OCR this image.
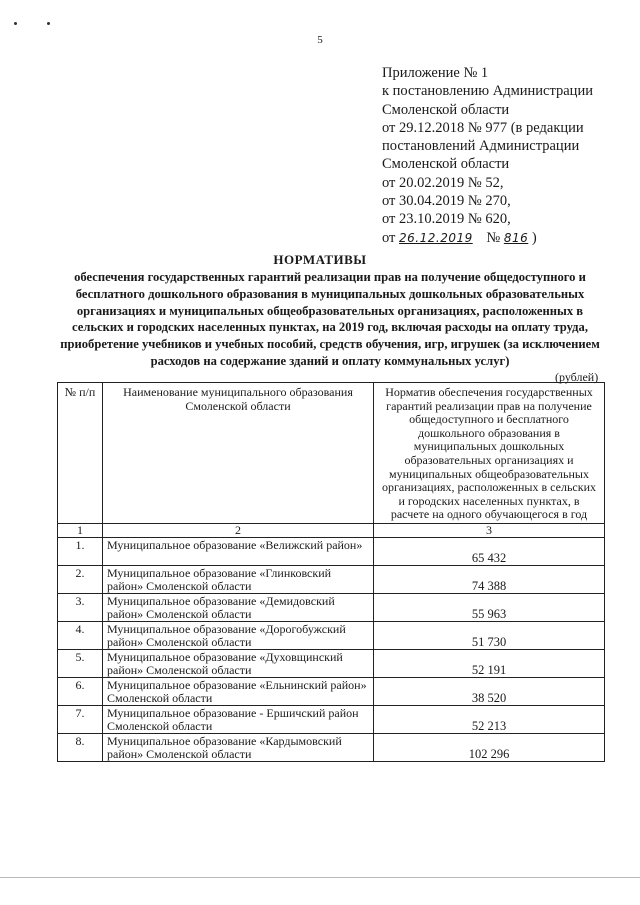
5
Приложение № 1
к постановлению Администрации
Смоленской области
от 29.12.2018 № 977 (в редакции
постановлений Администрации
Смоленской области
от 20.02.2019 № 52,
от 30.04.2019 № 270,
от 23.10.2019 № 620,
от 26.12.2019 № 816 )
НОРМАТИВЫ
обеспечения государственных гарантий реализации прав на получение общедоступного и бесплатного дошкольного образования в муниципальных дошкольных образовательных организациях и муниципальных общеобразовательных организациях, расположенных в сельских и городских населенных пунктах, на 2019 год, включая расходы на оплату труда, приобретение учебников и учебных пособий, средств обучения, игр, игрушек (за исключением расходов на содержание зданий и оплату коммунальных услуг)
(рублей)
№ п/п	Наименование муниципального образования Смоленской области	Норматив обеспечения государственных гарантий реализации прав на получение общедоступного и бесплатного дошкольного образования в муниципальных дошкольных образовательных организациях и муниципальных общеобразовательных организациях, расположенных в сельских и городских населенных пунктах, в расчете на одного обучающегося в год
1	2	3
1.	Муниципальное образование «Велижский район»	65 432
2.	Муниципальное образование «Глинковский район» Смоленской области	74 388
3.	Муниципальное образование «Демидовский район» Смоленской области	55 963
4.	Муниципальное образование «Дорогобужский район» Смоленской области	51 730
5.	Муниципальное образование «Духовщинский район» Смоленской области	52 191
6.	Муниципальное образование «Ельнинский район» Смоленской области	38 520
7.	Муниципальное образование - Ершичский район Смоленской области	52 213
8.	Муниципальное образование «Кардымовский район» Смоленской области	102 296
